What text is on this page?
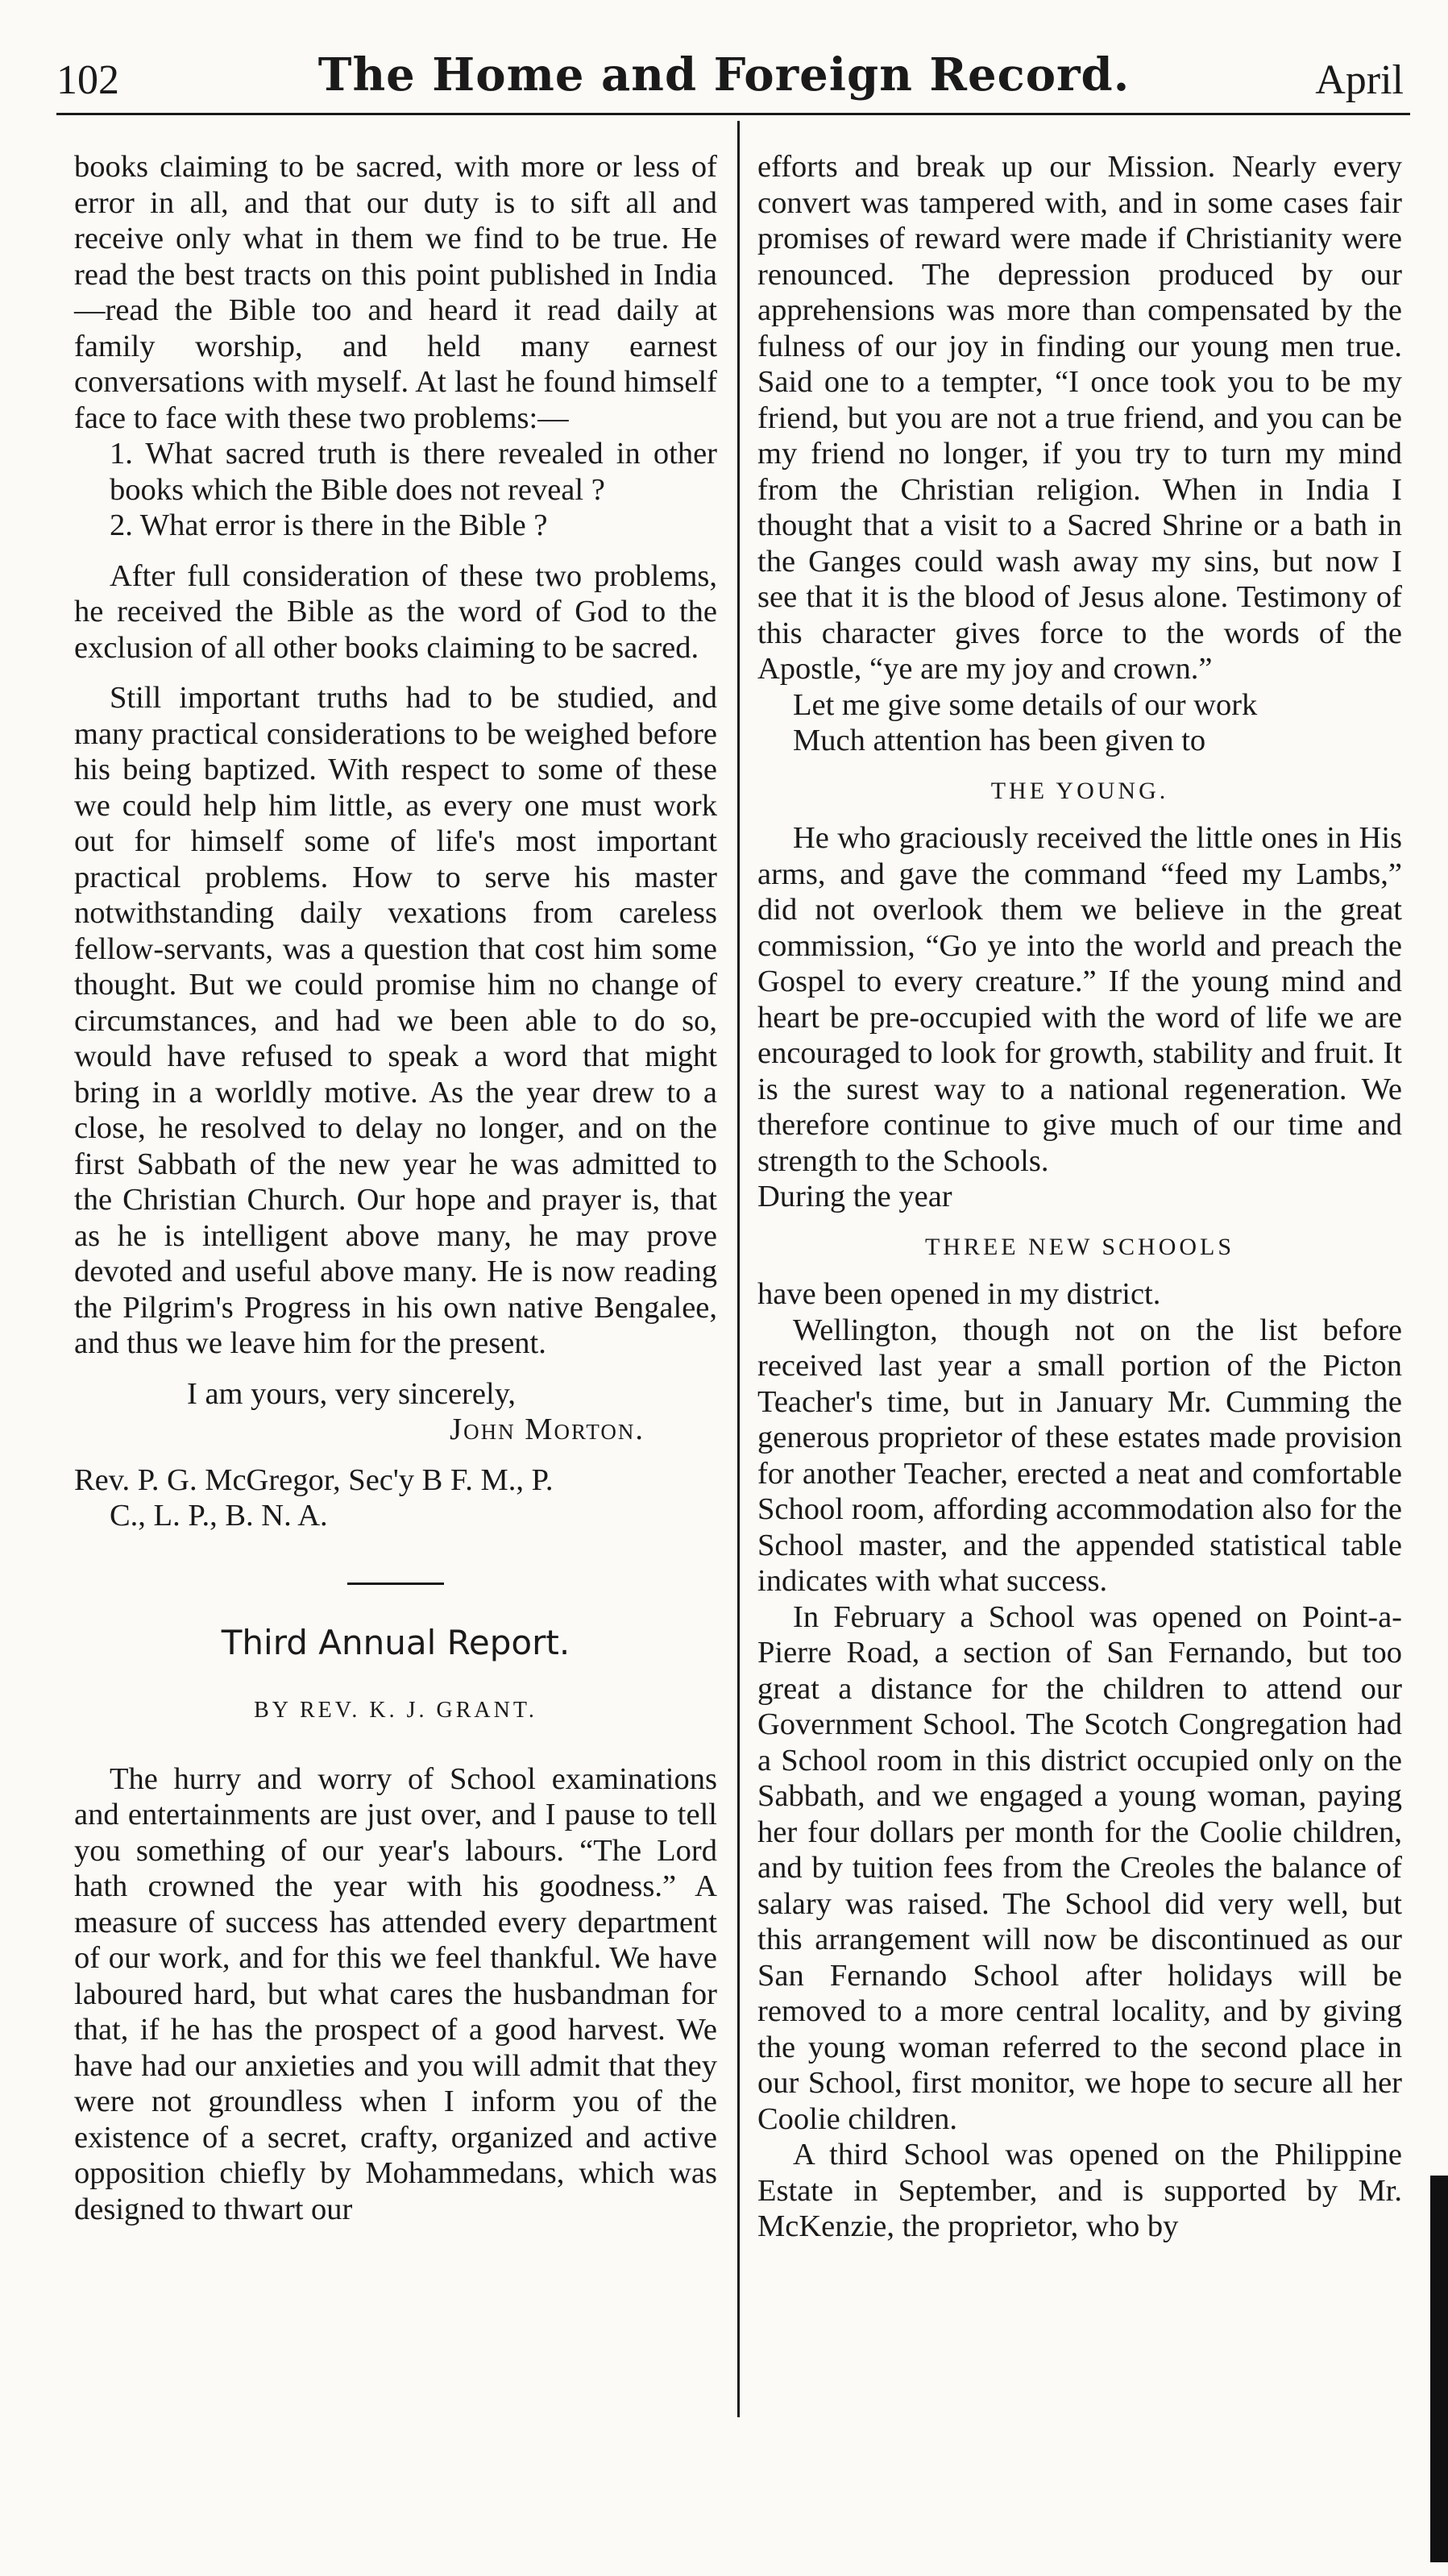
102	The Home and Foreign Record.	April

books claiming to be sacred, with more or less of error in all, and that our duty is to sift all and receive only what in them we find to be true. He read the best tracts on this point published in India—read the Bible too and heard it read daily at family worship, and held many earnest conversations with myself. At last he found himself face to face with these two problems:—

1. What sacred truth is there revealed in other books which the Bible does not reveal ?

2. What error is there in the Bible ?

After full consideration of these two problems, he received the Bible as the word of God to the exclusion of all other books claiming to be sacred.

Still important truths had to be studied, and many practical considerations to be weighed before his being baptized. With respect to some of these we could help him little, as every one must work out for himself some of life's most important practical problems. How to serve his master notwithstanding daily vexations from careless fellow-servants, was a question that cost him some thought. But we could promise him no change of circumstances, and had we been able to do so, would have refused to speak a word that might bring in a worldly motive. As the year drew to a close, he resolved to delay no longer, and on the first Sabbath of the new year he was admitted to the Christian Church. Our hope and prayer is, that as he is intelligent above many, he may prove devoted and useful above many. He is now reading the Pilgrim's Progress in his own native Bengalee, and thus we leave him for the present.

I am yours, very sincerely,

John Morton.

Rev. P. G. McGregor, Sec'y B F. M., P.

C., L. P., B. N. A.

Third Annual Report.

BY REV. K. J. GRANT.

The hurry and worry of School examinations and entertainments are just over, and I pause to tell you something of our year's labours. “The Lord hath crowned the year with his goodness.” A measure of success has attended every department of our work, and for this we feel thankful. We have laboured hard, but what cares the husbandman for that, if he has the prospect of a good harvest. We have had our anxieties and you will admit that they were not groundless when I inform you of the existence of a secret, crafty, organized and active opposition chiefly by Mohammedans, which was designed to thwart our

efforts and break up our Mission. Nearly every convert was tampered with, and in some cases fair promises of reward were made if Christianity were renounced. The depression produced by our apprehensions was more than compensated by the fulness of our joy in finding our young men true. Said one to a tempter, “I once took you to be my friend, but you are not a true friend, and you can be my friend no longer, if you try to turn my mind from the Christian religion. When in India I thought that a visit to a Sacred Shrine or a bath in the Ganges could wash away my sins, but now I see that it is the blood of Jesus alone. Testimony of this character gives force to the words of the Apostle, “ye are my joy and crown.”

Let me give some details of our work

Much attention has been given to

THE YOUNG.

He who graciously received the little ones in His arms, and gave the command “feed my Lambs,” did not overlook them we believe in the great commission, “Go ye into the world and preach the Gospel to every creature.” If the young mind and heart be pre-occupied with the word of life we are encouraged to look for growth, stability and fruit. It is the surest way to a national regeneration. We therefore continue to give much of our time and strength to the Schools.

During the year

THREE NEW SCHOOLS

have been opened in my district.

Wellington, though not on the list before received last year a small portion of the Picton Teacher's time, but in January Mr. Cumming the generous proprietor of these estates made provision for another Teacher, erected a neat and comfortable School room, affording accommodation also for the School master, and the appended statistical table indicates with what success.

In February a School was opened on Point-a-Pierre Road, a section of San Fernando, but too great a distance for the children to attend our Government School. The Scotch Congregation had a School room in this district occupied only on the Sabbath, and we engaged a young woman, paying her four dollars per month for the Coolie children, and by tuition fees from the Creoles the balance of salary was raised. The School did very well, but this arrangement will now be discontinued as our San Fernando School after holidays will be removed to a more central locality, and by giving the young woman referred to the second place in our School, first monitor, we hope to secure all her Coolie children.

A third School was opened on the Philippine Estate in September, and is supported by Mr. McKenzie, the proprietor, who by
